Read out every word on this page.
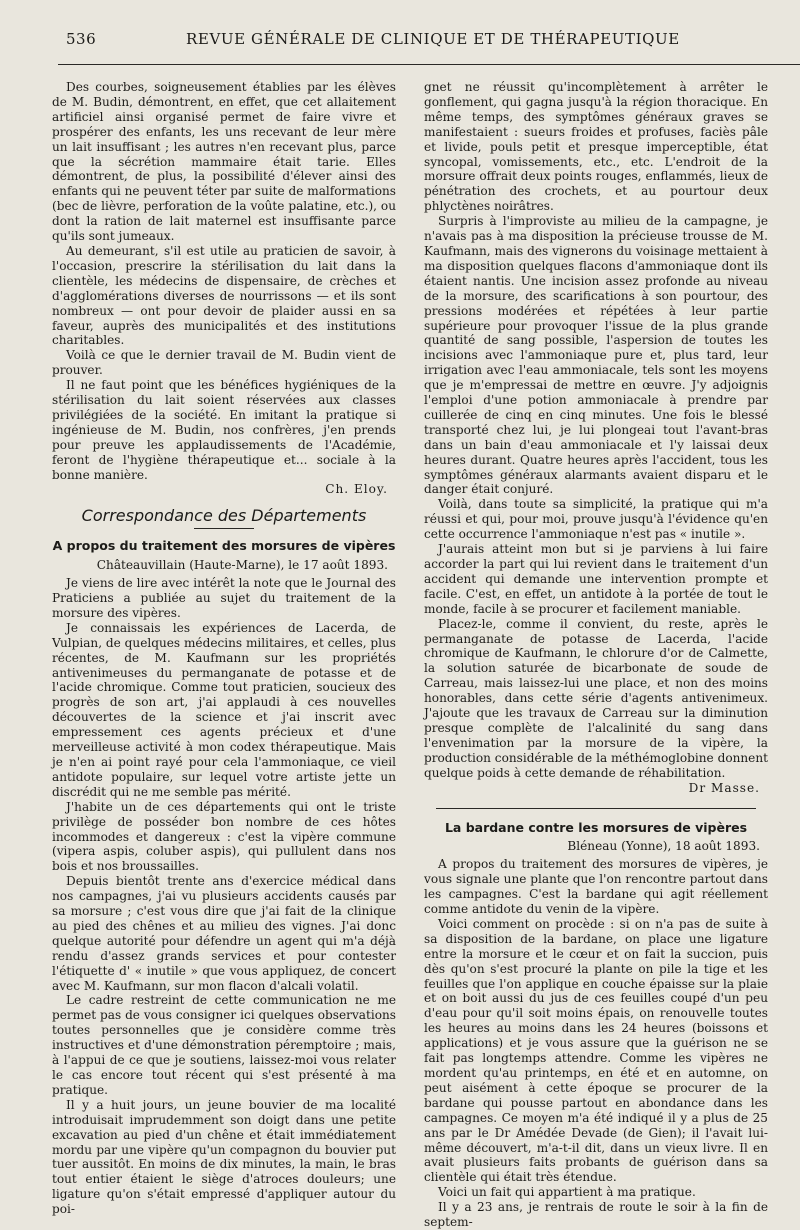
536	REVUE GÉNÉRALE DE CLINIQUE ET DE THÉRAPEUTIQUE

Des courbes, soigneusement établies par les élèves de M. Budin, démontrent, en effet, que cet allaitement artificiel ainsi organisé permet de faire vivre et prospérer des enfants, les uns recevant de leur mère un lait insuffisant ; les autres n'en recevant plus, parce que la sécrétion mammaire était tarie. Elles démontrent, de plus, la possibilité d'élever ainsi des enfants qui ne peuvent téter par suite de malformations (bec de lièvre, perforation de la voûte palatine, etc.), ou dont la ration de lait maternel est insuffisante parce qu'ils sont jumeaux.

Au demeurant, s'il est utile au praticien de savoir, à l'occasion, prescrire la stérilisation du lait dans la clientèle, les médecins de dispensaire, de crèches et d'agglomérations diverses de nourrissons — et ils sont nombreux — ont pour devoir de plaider aussi en sa faveur, auprès des municipalités et des institutions charitables.

Voilà ce que le dernier travail de M. Budin vient de prouver.

Il ne faut point que les bénéfices hygiéniques de la stérilisation du lait soient réservées aux classes privilégiées de la société. En imitant la pratique si ingénieuse de M. Budin, nos confrères, j'en prends pour preuve les applaudissements de l'Académie, feront de l'hygiène thérapeutique et... sociale à la bonne manière.

Ch. Eloy.
Correspondance des Départements
A propos du traitement des morsures de vipères
Châteauvillain (Haute-Marne), le 17 août 1893.

Je viens de lire avec intérêt la note que le Journal des Praticiens a publiée au sujet du traitement de la morsure des vipères.

Je connaissais les expériences de Lacerda, de Vulpian, de quelques médecins militaires, et celles, plus récentes, de M. Kaufmann sur les propriétés antivenimeuses du permanganate de potasse et de l'acide chromique. Comme tout praticien, soucieux des progrès de son art, j'ai applaudi à ces nouvelles découvertes de la science et j'ai inscrit avec empressement ces agents précieux et d'une merveilleuse activité à mon codex thérapeutique. Mais je n'en ai point rayé pour cela l'ammoniaque, ce vieil antidote populaire, sur lequel votre artiste jette un discrédit qui ne me semble pas mérité.

J'habite un de ces départements qui ont le triste privilège de posséder bon nombre de ces hôtes incommodes et dangereux : c'est la vipère commune (vipera aspis, coluber aspis), qui pullulent dans nos bois et nos broussailles.

Depuis bientôt trente ans d'exercice médical dans nos campagnes, j'ai vu plusieurs accidents causés par sa morsure ; c'est vous dire que j'ai fait de la clinique au pied des chênes et au milieu des vignes. J'ai donc quelque autorité pour défendre un agent qui m'a déjà rendu d'assez grands services et pour contester l'étiquette d' « inutile » que vous appliquez, de concert avec M. Kaufmann, sur mon flacon d'alcali volatil.

Le cadre restreint de cette communication ne me permet pas de vous consigner ici quelques observations toutes personnelles que je considère comme très instructives et d'une démonstration péremptoire ; mais, à l'appui de ce que je soutiens, laissez-moi vous relater le cas encore tout récent qui s'est présenté à ma pratique.

Il y a huit jours, un jeune bouvier de ma localité introduisait imprudemment son doigt dans une petite excavation au pied d'un chêne et était immédiatement mordu par une vipère qu'un compagnon du bouvier put tuer aussitôt. En moins de dix minutes, la main, le bras tout entier étaient le siège d'atroces douleurs; une ligature qu'on s'était empressé d'appliquer autour du poi-

gnet ne réussit qu'incomplètement à arrêter le gonflement, qui gagna jusqu'à la région thoracique. En même temps, des symptômes généraux graves se manifestaient : sueurs froides et profuses, faciès pâle et livide, pouls petit et presque imperceptible, état syncopal, vomissements, etc., etc. L'endroit de la morsure offrait deux points rouges, enflammés, lieux de pénétration des crochets, et au pourtour deux phlyctènes noirâtres.

Surpris à l'improviste au milieu de la campagne, je n'avais pas à ma disposition la précieuse trousse de M. Kaufmann, mais des vignerons du voisinage mettaient à ma disposition quelques flacons d'ammoniaque dont ils étaient nantis. Une incision assez profonde au niveau de la morsure, des scarifications à son pourtour, des pressions modérées et répétées à leur partie supérieure pour provoquer l'issue de la plus grande quantité de sang possible, l'aspersion de toutes les incisions avec l'ammoniaque pure et, plus tard, leur irrigation avec l'eau ammoniacale, tels sont les moyens que je m'empressai de mettre en œuvre. J'y adjoignis l'emploi d'une potion ammoniacale à prendre par cuillerée de cinq en cinq minutes. Une fois le blessé transporté chez lui, je lui plongeai tout l'avant-bras dans un bain d'eau ammoniacale et l'y laissai deux heures durant. Quatre heures après l'accident, tous les symptômes généraux alarmants avaient disparu et le danger était conjuré.

Voilà, dans toute sa simplicité, la pratique qui m'a réussi et qui, pour moi, prouve jusqu'à l'évidence qu'en cette occurrence l'ammoniaque n'est pas « inutile ».

J'aurais atteint mon but si je parviens à lui faire accorder la part qui lui revient dans le traitement d'un accident qui demande une intervention prompte et facile. C'est, en effet, un antidote à la portée de tout le monde, facile à se procurer et facilement maniable.

Placez-le, comme il convient, du reste, après le permanganate de potasse de Lacerda, l'acide chromique de Kaufmann, le chlorure d'or de Calmette, la solution saturée de bicarbonate de soude de Carreau, mais laissez-lui une place, et non des moins honorables, dans cette série d'agents antivenimeux. J'ajoute que les travaux de Carreau sur la diminution presque complète de l'alcalinité du sang dans l'envenimation par la morsure de la vipère, la production considérable de la méthémoglobine donnent quelque poids à cette demande de réhabilitation.

Dr Masse.
La bardane contre les morsures de vipères
Bléneau (Yonne), 18 août 1893.

A propos du traitement des morsures de vipères, je vous signale une plante que l'on rencontre partout dans les campagnes. C'est la bardane qui agit réellement comme antidote du venin de la vipère.

Voici comment on procède : si on n'a pas de suite à sa disposition de la bardane, on place une ligature entre la morsure et le cœur et on fait la succion, puis dès qu'on s'est procuré la plante on pile la tige et les feuilles que l'on applique en couche épaisse sur la plaie et on boit aussi du jus de ces feuilles coupé d'un peu d'eau pour qu'il soit moins épais, on renouvelle toutes les heures au moins dans les 24 heures (boissons et applications) et je vous assure que la guérison ne se fait pas longtemps attendre. Comme les vipères ne mordent qu'au printemps, en été et en automne, on peut aisément à cette époque se procurer de la bardane qui pousse partout en abondance dans les campagnes. Ce moyen m'a été indiqué il y a plus de 25 ans par le Dr Amédée Devade (de Gien); il l'avait lui-même découvert, m'a-t-il dit, dans un vieux livre. Il en avait plusieurs faits probants de guérison dans sa clientèle qui était très étendue.

Voici un fait qui appartient à ma pratique.

Il y a 23 ans, je rentrais de route le soir à la fin de septem-
